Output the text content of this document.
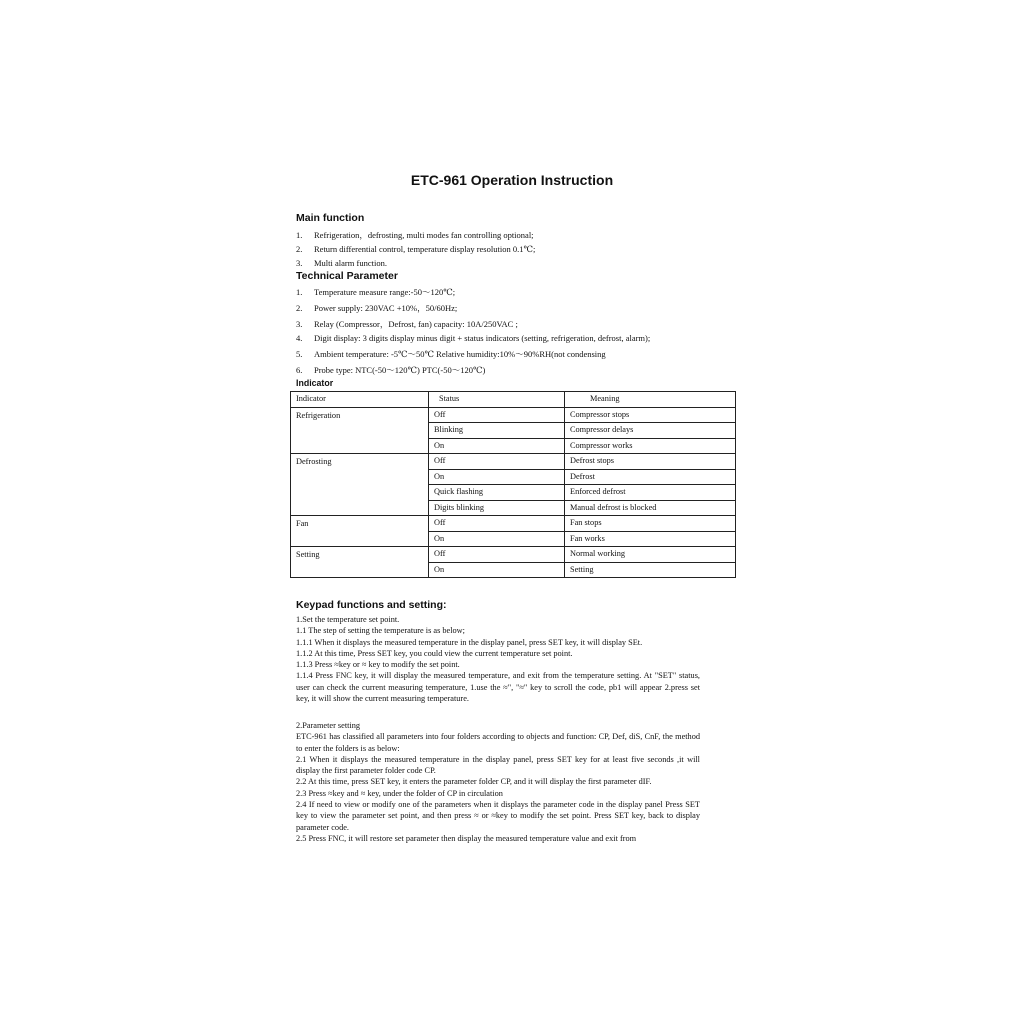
ETC-961 Operation Instruction
Main function
1. Refrigeration，defrosting, multi modes fan controlling optional;
2. Return differential control, temperature display resolution 0.1℃;
3. Multi alarm function.
Technical Parameter
1. Temperature measure range:-50～120℃;
2. Power supply: 230VAC +10%，50/60Hz;
3. Relay (Compressor，Defrost, fan) capacity: 10A/250VAC ;
4. Digit display: 3 digits display minus digit + status indicators (setting, refrigeration, defrost, alarm);
5. Ambient temperature: -5℃～50℃ Relative humidity:10%～90%RH(not condensing
6. Probe type: NTC(-50～120℃) PTC(-50～120℃)
Indicator
Indicator	Status	Meaning
Refrigeration	Off	Compressor stops
	Blinking	Compressor delays
	On	Compressor works
Defrosting	Off	Defrost stops
	On	Defrost
	Quick flashing	Enforced defrost
	Digits blinking	Manual defrost is blocked
Fan	Off	Fan stops
	On	Fan works
Setting	Off	Normal working
	On	Setting
Keypad functions and setting:

1.Set the temperature set point.

1.1 The step of setting the temperature is as below;

1.1.1 When it displays the measured temperature in the display panel, press SET key, it will display SEt.

1.1.2 At this time, Press SET key, you could view the current temperature set point.

1.1.3 Press ≈key or ≈ key to modify the set point.

1.1.4 Press FNC key, it will display the measured temperature, and exit from the temperature setting. At "SET" status, user can check the current measuring temperature, 1.use the ≈", "≈" key to scroll the code, pb1 will appear 2.press set key, it will show the current measuring temperature.

2.Parameter setting

ETC-961 has classified all parameters into four folders according to objects and function: CP, Def, diS, CnF, the method to enter the folders is as below:

2.1 When it displays the measured temperature in the display panel, press SET key for at least five seconds ,it will display the first parameter folder code CP.

2.2 At this time, press SET key, it enters the parameter folder CP, and it will display the first parameter dIF.

2.3 Press ≈key and ≈ key, under the folder of CP in circulation

2.4 If need to view or modify one of the parameters when it displays the parameter code in the display panel Press SET key to view the parameter set point, and then press ≈ or ≈key to modify the set point. Press SET key, back to display parameter code.

2.5 Press FNC, it will restore set parameter then display the measured temperature value and exit from
